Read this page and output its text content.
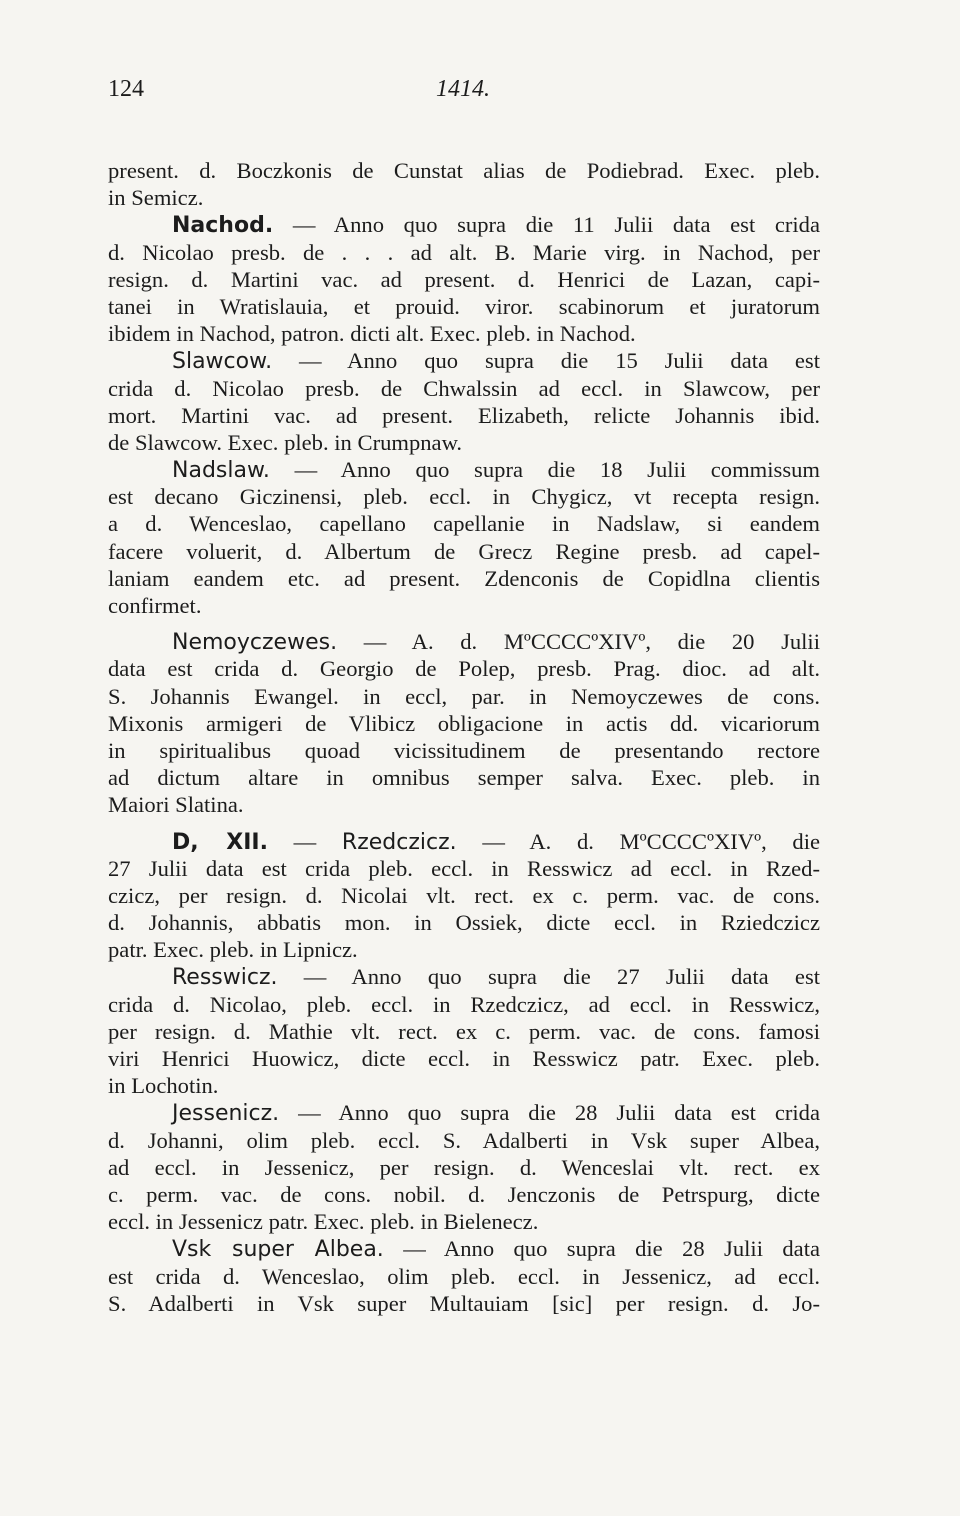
124	1414.
present. d. Boczkonis de Cunstat alias de Podiebrad. Exec. pleb.
in Semicz.
Nachod. — Anno quo supra die 11 Julii data est crida
d. Nicolao presb. de . . . ad alt. B. Marie virg. in Nachod, per
resign. d. Martini vac. ad present. d. Henrici de Lazan, capi-
tanei in Wratislauia, et prouid. viror. scabinorum et juratorum
ibidem in Nachod, patron. dicti alt. Exec. pleb. in Nachod.
Slawcow. — Anno quo supra die 15 Julii data est
crida d. Nicolao presb. de Chwalssin ad eccl. in Slawcow, per
mort. Martini vac. ad present. Elizabeth, relicte Johannis ibid.
de Slawcow. Exec. pleb. in Crumpnaw.
Nadslaw. — Anno quo supra die 18 Julii commissum
est decano Giczinensi, pleb. eccl. in Chygicz, vt recepta resign.
a d. Wenceslao, capellano capellanie in Nadslaw, si eandem
facere voluerit, d. Albertum de Grecz Regine presb. ad capel-
laniam eandem etc. ad present. Zdenconis de Copidlna clientis
confirmet.
Nemoyczewes. — A. d. MºCCCCºXIVº, die 20 Julii
data est crida d. Georgio de Polep, presb. Prag. dioc. ad alt.
S. Johannis Ewangel. in eccl, par. in Nemoyczewes de cons.
Mixonis armigeri de Vlibicz obligacione in actis dd. vicariorum
in spiritualibus quoad vicissitudinem de presentando rectore
ad dictum altare in omnibus semper salva. Exec. pleb. in
Maiori Slatina.
D, XII. — Rzedczicz. — A. d. MºCCCCºXIVº, die
27 Julii data est crida pleb. eccl. in Resswicz ad eccl. in Rzed-
czicz, per resign. d. Nicolai vlt. rect. ex c. perm. vac. de cons.
d. Johannis, abbatis mon. in Ossiek, dicte eccl. in Rziedczicz
patr. Exec. pleb. in Lipnicz.
Resswicz. — Anno quo supra die 27 Julii data est
crida d. Nicolao, pleb. eccl. in Rzedczicz, ad eccl. in Resswicz,
per resign. d. Mathie vlt. rect. ex c. perm. vac. de cons. famosi
viri Henrici Huowicz, dicte eccl. in Resswicz patr. Exec. pleb.
in Lochotin.
Jessenicz. — Anno quo supra die 28 Julii data est crida
d. Johanni, olim pleb. eccl. S. Adalberti in Vsk super Albea,
ad eccl. in Jessenicz, per resign. d. Wenceslai vlt. rect. ex
c. perm. vac. de cons. nobil. d. Jenczonis de Petrspurg, dicte
eccl. in Jessenicz patr. Exec. pleb. in Bielenecz.
Vsk super Albea. — Anno quo supra die 28 Julii data
est crida d. Wenceslao, olim pleb. eccl. in Jessenicz, ad eccl.
S. Adalberti in Vsk super Multauiam [sic] per resign. d. Jo-
